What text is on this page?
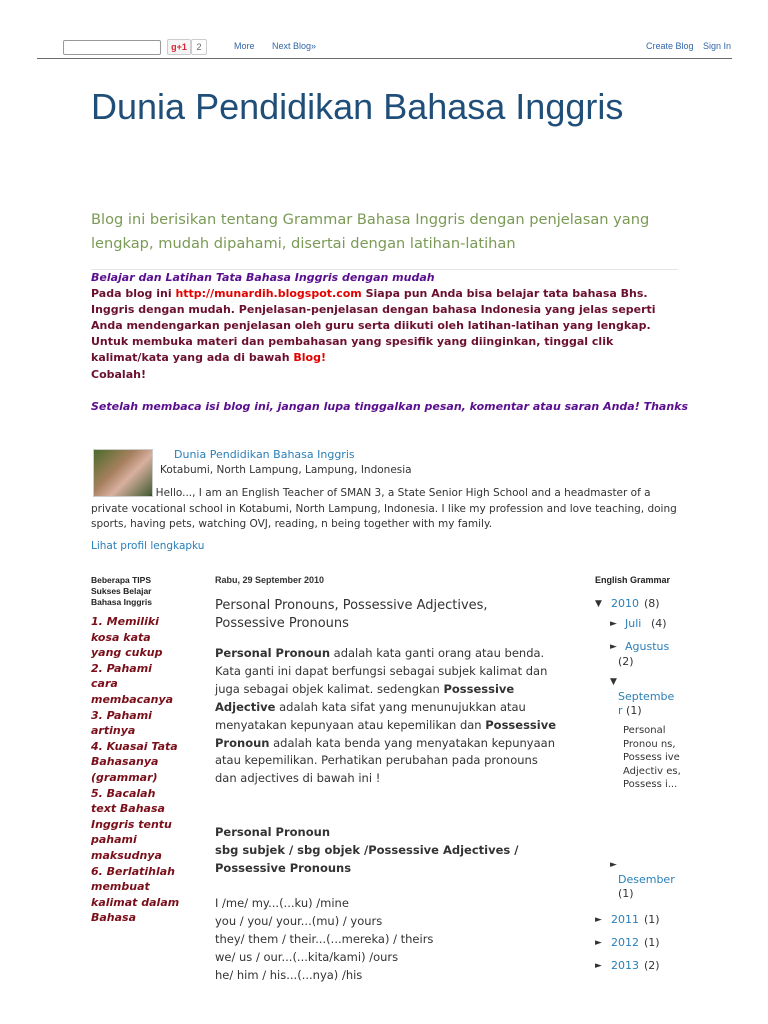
g+1	2	More Next Blog»	Create Blog Sign In
Dunia Pendidikan Bahasa Inggris
Blog ini berisikan tentang Grammar Bahasa Inggris dengan penjelasan yang lengkap, mudah dipahami, disertai dengan latihan-latihan
Belajar dan Latihan Tata Bahasa Inggris dengan mudah
Pada blog ini http://munardih.blogspot.com Siapa pun Anda bisa belajar tata bahasa Bhs. Inggris dengan mudah. Penjelasan-penjelasan dengan bahasa Indonesia yang jelas seperti Anda mendengarkan penjelasan oleh guru serta diikuti oleh latihan-latihan yang lengkap. Untuk membuka materi dan pembahasan yang spesifik yang diinginkan, tinggal clik kalimat/kata yang ada di bawah Blog!
Cobalah!
Setelah membaca isi blog ini, jangan lupa tinggalkan pesan, komentar atau saran Anda! Thanks
Dunia Pendidikan Bahasa Inggris
Kotabumi, North Lampung, Lampung, Indonesia
. Hello..., I am an English Teacher of SMAN 3, a State Senior High School and a headmaster of a private vocational school in Kotabumi, North Lampung, Indonesia. I like my profession and love teaching, doing sports, having pets, watching OVJ, reading, n being together with my family.
Lihat profil lengkapku
Beberapa TIPS Sukses Belajar Bahasa Inggris
1. Memiliki kosa kata yang cukup
2. Pahami cara membacanya
3. Pahami artinya
4. Kuasai Tata Bahasanya (grammar)
5. Bacalah text Bahasa Inggris tentu pahami maksudnya
6. Berlatihlah membuat kalimat dalam Bahasa
Rabu, 29 September 2010
Personal Pronouns, Possessive Adjectives, Possessive Pronouns
Personal Pronoun adalah kata ganti orang atau benda. Kata ganti ini dapat berfungsi sebagai subjek kalimat dan juga sebagai objek kalimat. sedengkan Possessive Adjective adalah kata sifat yang menunujukkan atau menyatakan kepunyaan atau kepemilikan dan Possessive Pronoun adalah kata benda yang menyatakan kepunyaan atau kepemilikan. Perhatikan perubahan pada pronouns dan adjectives di bawah ini !
Personal Pronoun
sbg subjek / sbg objek /Possessive Adjectives / Possessive Pronouns
I /me/ my...(...ku) /mine
you / you/ your...(mu) / yours
they/ them / their...(...mereka) / theirs
we/ us / our...(...kita/kami) /ours
he/ him / his...(...nya) /his
English Grammar
▼ 2010 (8)
► Juli (4)
► Agustus
(2)
▼
Septembe r (1)
Personal Pronou ns, Possess ive Adjectiv es, Possess i...
►
Desember
(1)
► 2011 (1)
► 2012 (1)
► 2013 (2)
